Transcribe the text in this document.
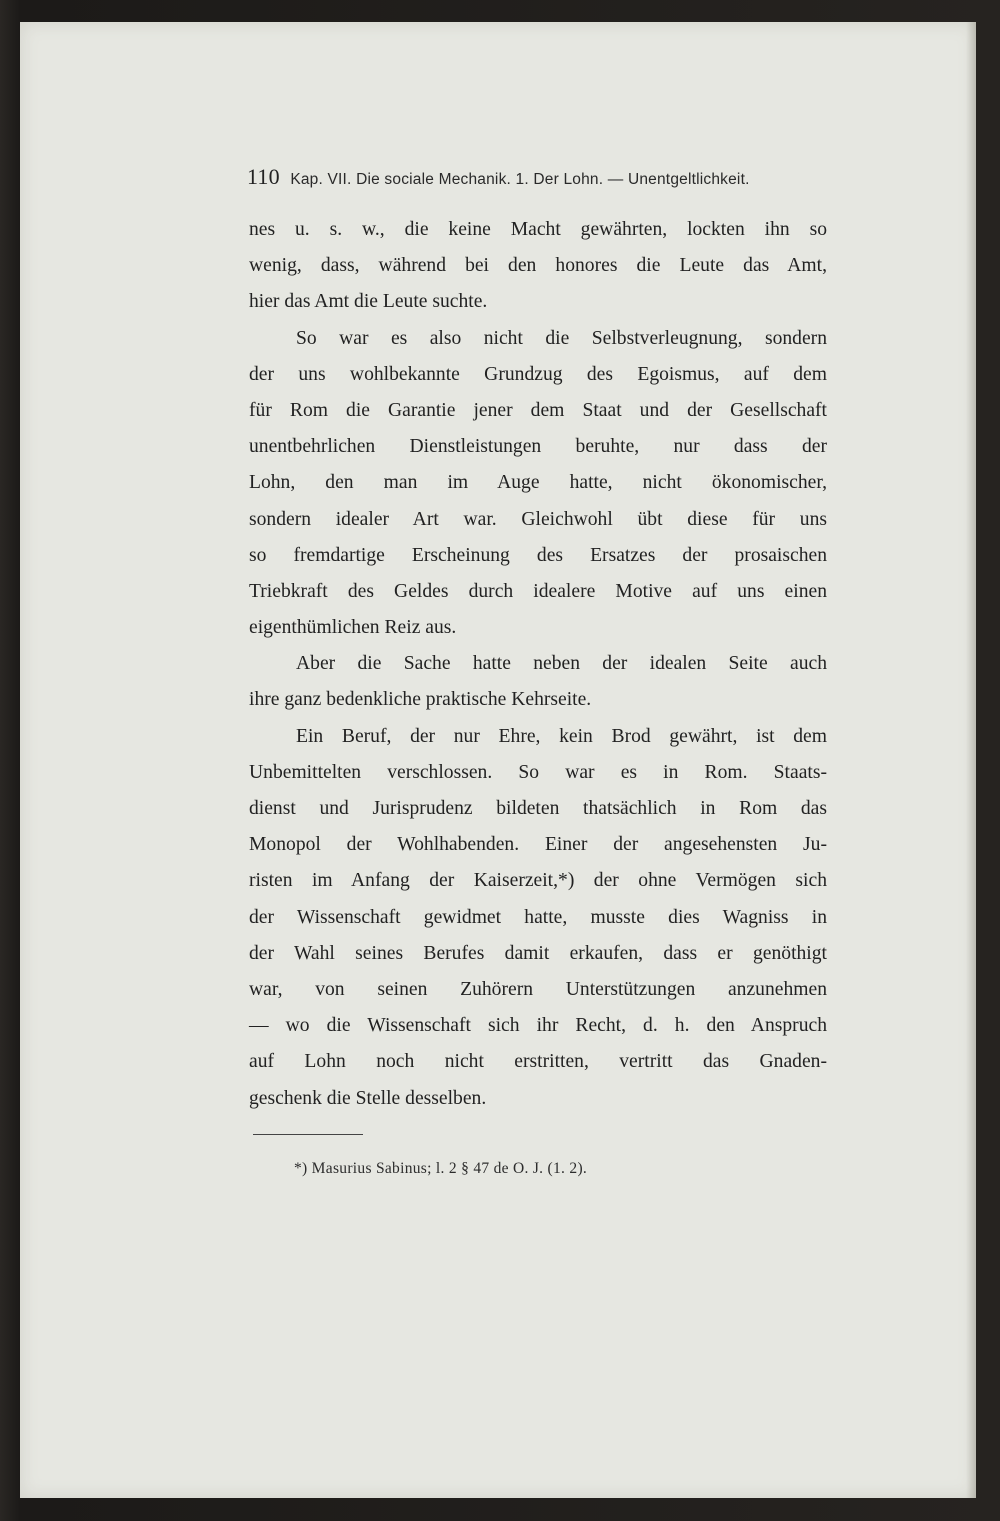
110 Kap. VII. Die sociale Mechanik. 1. Der Lohn. — Unentgeltlichkeit.
nes u. s. w., die keine Macht gewährten, lockten ihn so
wenig, dass, während bei den honores die Leute das Amt,
hier das Amt die Leute suchte.
So war es also nicht die Selbstverleugnung, sondern
der uns wohlbekannte Grundzug des Egoismus, auf dem
für Rom die Garantie jener dem Staat und der Gesellschaft
unentbehrlichen Dienstleistungen beruhte, nur dass der
Lohn, den man im Auge hatte, nicht ökonomischer,
sondern idealer Art war. Gleichwohl übt diese für uns
so fremdartige Erscheinung des Ersatzes der prosaischen
Triebkraft des Geldes durch idealere Motive auf uns einen
eigenthümlichen Reiz aus.
Aber die Sache hatte neben der idealen Seite auch
ihre ganz bedenkliche praktische Kehrseite.
Ein Beruf, der nur Ehre, kein Brod gewährt, ist dem
Unbemittelten verschlossen. So war es in Rom. Staats-
dienst und Jurisprudenz bildeten thatsächlich in Rom das
Monopol der Wohlhabenden. Einer der angesehensten Ju-
risten im Anfang der Kaiserzeit,*) der ohne Vermögen sich
der Wissenschaft gewidmet hatte, musste dies Wagniss in
der Wahl seines Berufes damit erkaufen, dass er genöthigt
war, von seinen Zuhörern Unterstützungen anzunehmen
— wo die Wissenschaft sich ihr Recht, d. h. den Anspruch
auf Lohn noch nicht erstritten, vertritt das Gnaden-
geschenk die Stelle desselben.
*) Masurius Sabinus; l. 2 § 47 de O. J. (1. 2).
